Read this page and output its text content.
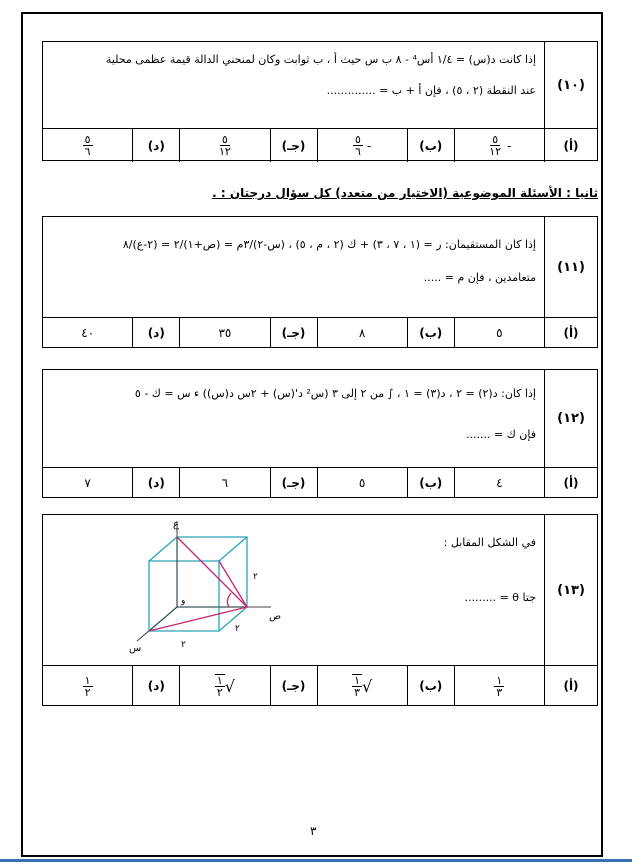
(١٠)
إذا كانت د(س) = ١/٤ أس⁴ - ٨ ب س حيث أ ، ب ثوابت وكان لمنحني الدالة قيمة عظمى محلية
عند النقطة (٢ ، ٥) ، فإن أ + ب = ..............
(أ)
-
$\frac{٥}{١٢}$
(ب)
-
$\frac{٥}{٦}$
(جـ)
$\frac{٥}{١٢}$
(د)
$\frac{٥}{٦}$
ثانيا : الأسئلة الموضوعية (الاختيار من متعدد) كل سؤال درجتان : .
(١١)
إذا كان المستقيمان: ر = (١ ، ٧ ، ٣) + ك (٢ ، م ، ٥) ، (س-٢)/٣م = (ص+١)/٢ = (٢-ع)/٨
متعامدين ، فإن م = .....
(أ)
٥
(ب)
٨
(جـ)
٣٥
(د)
٤٠
(١٢)
إذا كان: د(٢) = ٢ ، د(٣) = ١ ، ∫ من ٢ إلى ٣ (س² د'(س) + ٢س د(س)) ء س = ك - ٥
فإن ك = .......
(أ)
٤
(ب)
٥
(جـ)
٦
(د)
٧
(١٣)
في الشكل المقابل :
جتا θ = .........
ع
ص
س
و
٢
٢
٢
(أ)
$\frac{١}{٣}$
(ب)
√
$\frac{١}{٣}$
(جـ)
√
$\frac{١}{٢}$
(د)
$\frac{١}{٢}$
٣
